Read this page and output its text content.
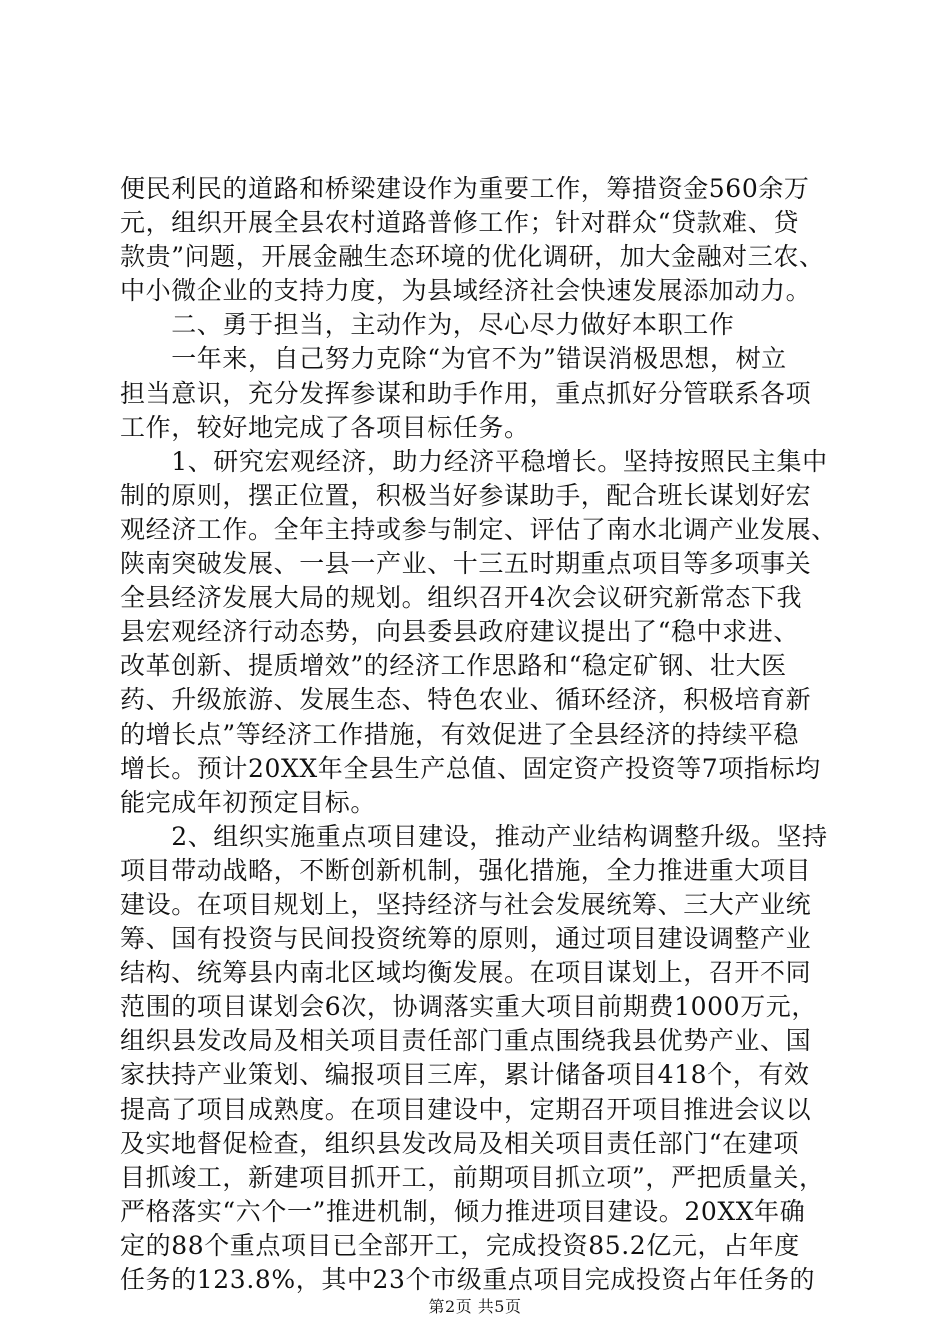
便民利民的道路和桥梁建设作为重要工作，筹措资金560余万
元，组织开展全县农村道路普修工作；针对群众“贷款难、贷
款贵”问题，开展金融生态环境的优化调研，加大金融对三农、
中小微企业的支持力度，为县域经济社会快速发展添加动力。
　　二、勇于担当，主动作为，尽心尽力做好本职工作
　　一年来，自己努力克除“为官不为”错误消极思想，树立
担当意识，充分发挥参谋和助手作用，重点抓好分管联系各项
工作，较好地完成了各项目标任务。
　　1、研究宏观经济，助力经济平稳增长。坚持按照民主集中
制的原则，摆正位置，积极当好参谋助手，配合班长谋划好宏
观经济工作。全年主持或参与制定、评估了南水北调产业发展、
陕南突破发展、一县一产业、十三五时期重点项目等多项事关
全县经济发展大局的规划。组织召开4次会议研究新常态下我
县宏观经济行动态势，向县委县政府建议提出了“稳中求进、
改革创新、提质增效”的经济工作思路和“稳定矿钢、壮大医
药、升级旅游、发展生态、特色农业、循环经济，积极培育新
的增长点”等经济工作措施，有效促进了全县经济的持续平稳
增长。预计20XX年全县生产总值、固定资产投资等7项指标均
能完成年初预定目标。
　　2、组织实施重点项目建设，推动产业结构调整升级。坚持
项目带动战略，不断创新机制，强化措施，全力推进重大项目
建设。在项目规划上，坚持经济与社会发展统筹、三大产业统
筹、国有投资与民间投资统筹的原则，通过项目建设调整产业
结构、统筹县内南北区域均衡发展。在项目谋划上，召开不同
范围的项目谋划会6次，协调落实重大项目前期费1000万元，
组织县发改局及相关项目责任部门重点围绕我县优势产业、国
家扶持产业策划、编报项目三库，累计储备项目418个，有效
提高了项目成熟度。在项目建设中，定期召开项目推进会议以
及实地督促检查，组织县发改局及相关项目责任部门“在建项
目抓竣工，新建项目抓开工，前期项目抓立项”，严把质量关，
严格落实“六个一”推进机制，倾力推进项目建设。20XX年确
定的88个重点项目已全部开工，完成投资85.2亿元，占年度
任务的123.8%，其中23个市级重点项目完成投资占年任务的
第2页 共5页
